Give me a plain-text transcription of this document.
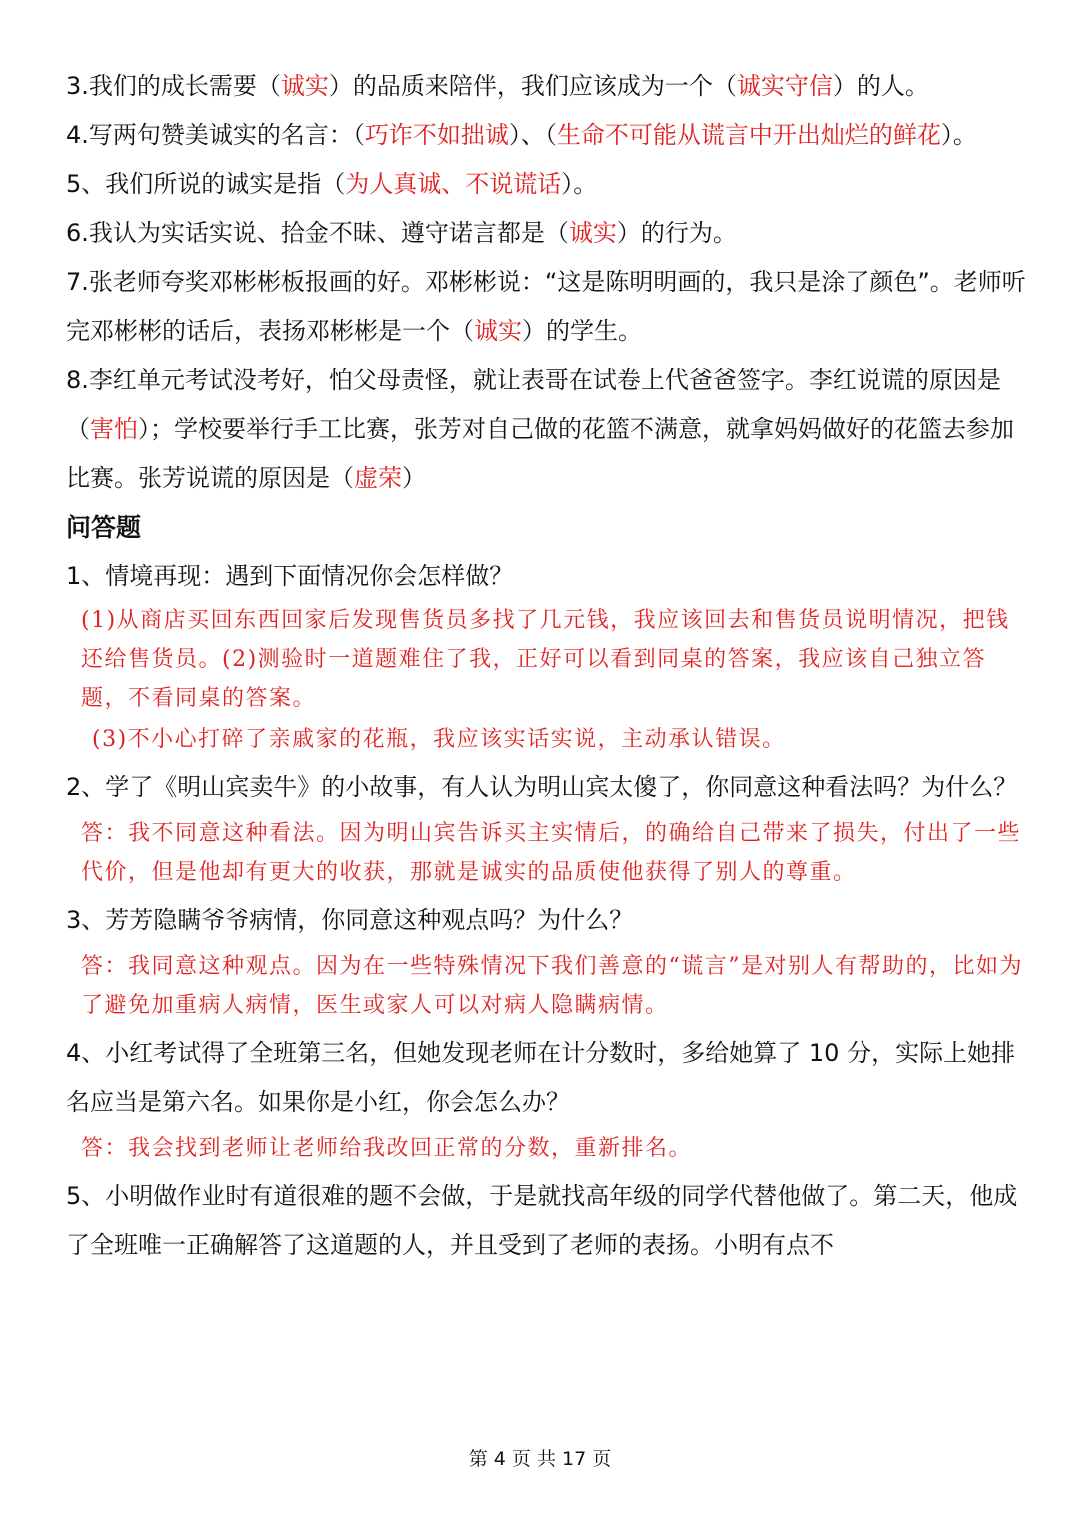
3.我们的成长需要（诚实）的品质来陪伴，我们应该成为一个（诚实守信）的人。

4.写两句赞美诚实的名言：（巧诈不如拙诚）、（生命不可能从谎言中开出灿烂的鲜花）。

5、我们所说的诚实是指（为人真诚、不说谎话）。

6.我认为实话实说、拾金不昧、遵守诺言都是（诚实）的行为。

7.张老师夸奖邓彬彬板报画的好。邓彬彬说：“这是陈明明画的，我只是涂了颜色”。老师听完邓彬彬的话后，表扬邓彬彬是一个（诚实）的学生。

8.李红单元考试没考好，怕父母责怪，就让表哥在试卷上代爸爸签字。李红说谎的原因是（害怕）；学校要举行手工比赛，张芳对自己做的花篮不满意，就拿妈妈做好的花篮去参加比赛。张芳说谎的原因是（虚荣）

问答题

1、情境再现：遇到下面情况你会怎样做？

(1)从商店买回东西回家后发现售货员多找了几元钱，我应该回去和售货员说明情况，把钱还给售货员。(2)测验时一道题难住了我，正好可以看到同桌的答案，我应该自己独立答题，不看同桌的答案。

(3)不小心打碎了亲戚家的花瓶，我应该实话实说，主动承认错误。

2、学了《明山宾卖牛》的小故事，有人认为明山宾太傻了，你同意这种看法吗？为什么？

答：我不同意这种看法。因为明山宾告诉买主实情后，的确给自己带来了损失，付出了一些代价，但是他却有更大的收获，那就是诚实的品质使他获得了别人的尊重。

3、芳芳隐瞒爷爷病情，你同意这种观点吗？为什么？

答：我同意这种观点。因为在一些特殊情况下我们善意的“谎言”是对别人有帮助的，比如为了避免加重病人病情，医生或家人可以对病人隐瞒病情。

4、小红考试得了全班第三名，但她发现老师在计分数时，多给她算了 10 分，实际上她排名应当是第六名。如果你是小红，你会怎么办？

答：我会找到老师让老师给我改回正常的分数，重新排名。

5、小明做作业时有道很难的题不会做，于是就找高年级的同学代替他做了。第二天，他成了全班唯一正确解答了这道题的人，并且受到了老师的表扬。小明有点不

第 4 页 共 17 页
